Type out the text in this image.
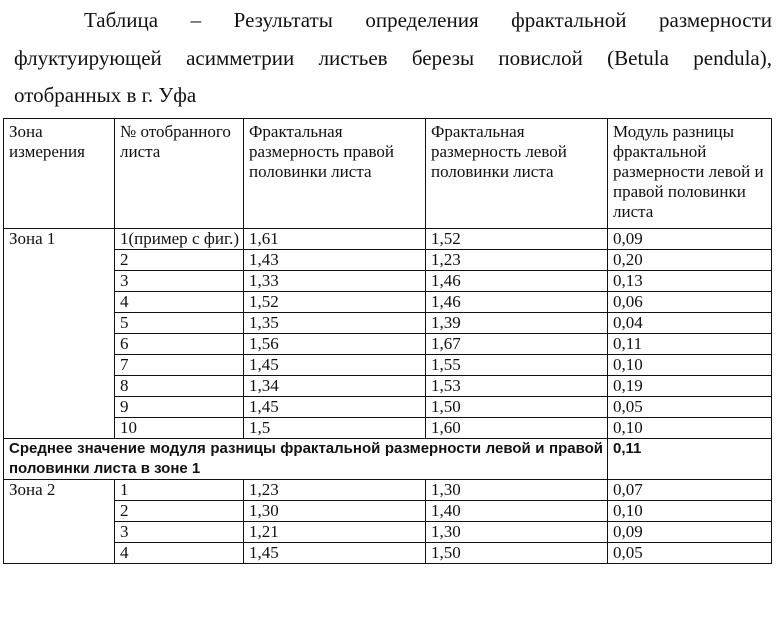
Таблица – Результаты определения фрактальной размерности
флуктуирующей асимметрии листьев березы повислой (Betula pendula),
отобранных в г. Уфа
Зона измерения	№ отобранного листа	Фрактальная размерность правой половинки листа	Фрактальная размерность левой половинки листа	Модуль разницы фрактальной размерности левой и правой половинки листа

Зона 1	1(пример с фиг.)	1,61	1,52	0,09

	2	1,43	1,23	0,20

	3	1,33	1,46	0,13

	4	1,52	1,46	0,06

	5	1,35	1,39	0,04

	6	1,56	1,67	0,11

	7	1,45	1,55	0,10

	8	1,34	1,53	0,19

	9	1,45	1,50	0,05

	10	1,5	1,60	0,10

Среднее значение модуля разницы фрактальной размерности левой и правой половинки листа в зоне 1				0,11

Зона 2	1	1,23	1,30	0,07

	2	1,30	1,40	0,10

	3	1,21	1,30	0,09

	4	1,45	1,50	0,05
